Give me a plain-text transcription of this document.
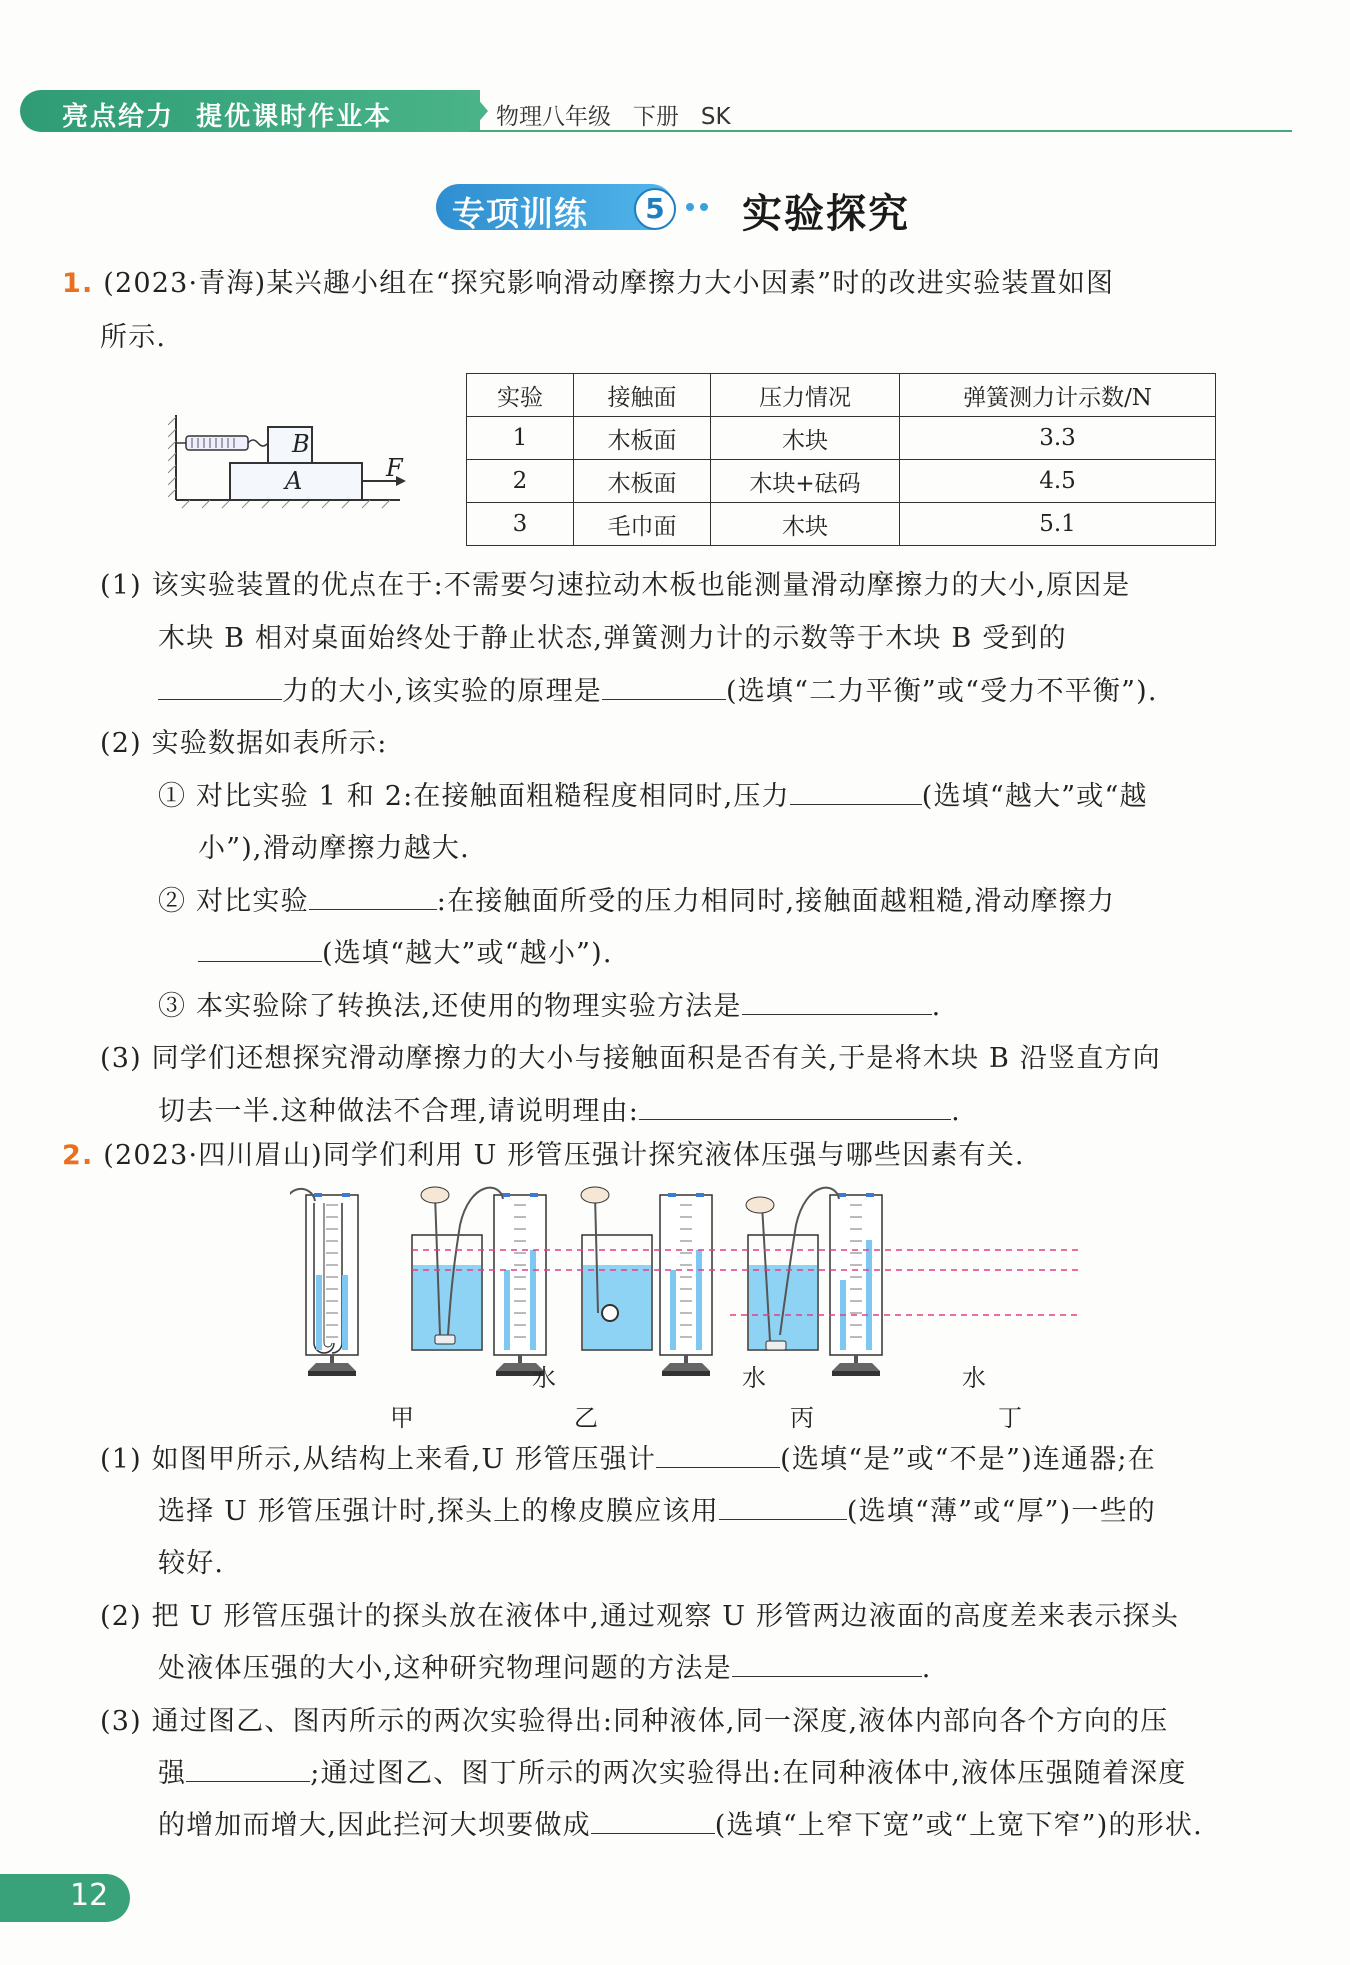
亮点给力  提优课时作业本	物理八年级   下册   SK
专项训练	5 实验探究
1. (2023·青海)某兴趣小组在“探究影响滑动摩擦力大小因素”时的改进实验装置如图
所示.
B
A	F
实验	接触面	压力情况	弹簧测力计示数/N
1	木板面	木块	3.3
2	木板面	木块+砝码	4.5
3	毛巾面	木块	5.1
(1) 该实验装置的优点在于:不需要匀速拉动木板也能测量滑动摩擦力的大小,原因是
木块 B 相对桌面始终处于静止状态,弹簧测力计的示数等于木块 B 受到的
力的大小,该实验的原理是	(选填“二力平衡”或“受力不平衡”).
(2) 实验数据如表所示:
① 对比实验 1 和 2:在接触面粗糙程度相同时,压力	(选填“越大”或“越
小”),滑动摩擦力越大.
② 对比实验	:在接触面所受的压力相同时,接触面越粗糙,滑动摩擦力
(选填“越大”或“越小”).
③ 本实验除了转换法,还使用的物理实验方法是	.
(3) 同学们还想探究滑动摩擦力的大小与接触面积是否有关,于是将木块 B 沿竖直方向
切去一半.这种做法不合理,请说明理由:	.
2. (2023·四川眉山)同学们利用 U 形管压强计探究液体压强与哪些因素有关.
水	水	水
甲	乙	丙	丁
(1) 如图甲所示,从结构上来看,U 形管压强计	(选填“是”或“不是”)连通器;在
选择 U 形管压强计时,探头上的橡皮膜应该用	(选填“薄”或“厚”)一些的
较好.
(2) 把 U 形管压强计的探头放在液体中,通过观察 U 形管两边液面的高度差来表示探头
处液体压强的大小,这种研究物理问题的方法是	.
(3) 通过图乙、图丙所示的两次实验得出:同种液体,同一深度,液体内部向各个方向的压
强	;通过图乙、图丁所示的两次实验得出:在同种液体中,液体压强随着深度
的增加而增大,因此拦河大坝要做成	(选填“上窄下宽”或“上宽下窄”)的形状.
12
